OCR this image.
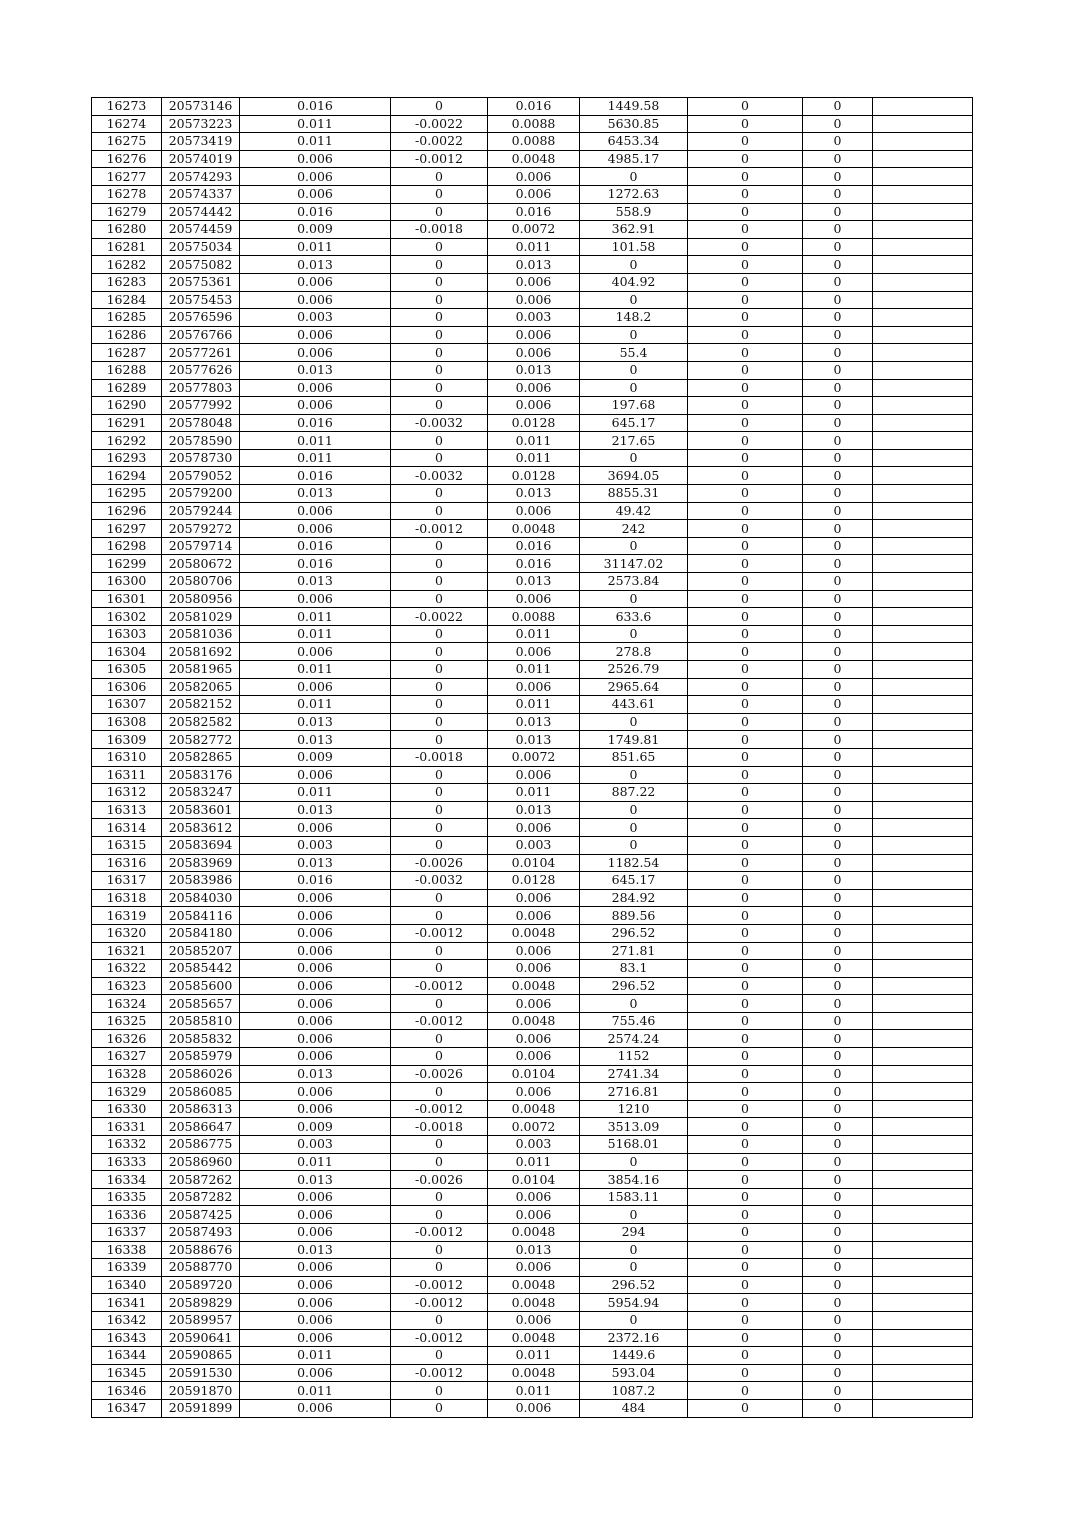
16273	20573146	0.016	0	0.016	1449.58	0	0	
16274	20573223	0.011	-0.0022	0.0088	5630.85	0	0	
16275	20573419	0.011	-0.0022	0.0088	6453.34	0	0	
16276	20574019	0.006	-0.0012	0.0048	4985.17	0	0	
16277	20574293	0.006	0	0.006	0	0	0	
16278	20574337	0.006	0	0.006	1272.63	0	0	
16279	20574442	0.016	0	0.016	558.9	0	0	
16280	20574459	0.009	-0.0018	0.0072	362.91	0	0	
16281	20575034	0.011	0	0.011	101.58	0	0	
16282	20575082	0.013	0	0.013	0	0	0	
16283	20575361	0.006	0	0.006	404.92	0	0	
16284	20575453	0.006	0	0.006	0	0	0	
16285	20576596	0.003	0	0.003	148.2	0	0	
16286	20576766	0.006	0	0.006	0	0	0	
16287	20577261	0.006	0	0.006	55.4	0	0	
16288	20577626	0.013	0	0.013	0	0	0	
16289	20577803	0.006	0	0.006	0	0	0	
16290	20577992	0.006	0	0.006	197.68	0	0	
16291	20578048	0.016	-0.0032	0.0128	645.17	0	0	
16292	20578590	0.011	0	0.011	217.65	0	0	
16293	20578730	0.011	0	0.011	0	0	0	
16294	20579052	0.016	-0.0032	0.0128	3694.05	0	0	
16295	20579200	0.013	0	0.013	8855.31	0	0	
16296	20579244	0.006	0	0.006	49.42	0	0	
16297	20579272	0.006	-0.0012	0.0048	242	0	0	
16298	20579714	0.016	0	0.016	0	0	0	
16299	20580672	0.016	0	0.016	31147.02	0	0	
16300	20580706	0.013	0	0.013	2573.84	0	0	
16301	20580956	0.006	0	0.006	0	0	0	
16302	20581029	0.011	-0.0022	0.0088	633.6	0	0	
16303	20581036	0.011	0	0.011	0	0	0	
16304	20581692	0.006	0	0.006	278.8	0	0	
16305	20581965	0.011	0	0.011	2526.79	0	0	
16306	20582065	0.006	0	0.006	2965.64	0	0	
16307	20582152	0.011	0	0.011	443.61	0	0	
16308	20582582	0.013	0	0.013	0	0	0	
16309	20582772	0.013	0	0.013	1749.81	0	0	
16310	20582865	0.009	-0.0018	0.0072	851.65	0	0	
16311	20583176	0.006	0	0.006	0	0	0	
16312	20583247	0.011	0	0.011	887.22	0	0	
16313	20583601	0.013	0	0.013	0	0	0	
16314	20583612	0.006	0	0.006	0	0	0	
16315	20583694	0.003	0	0.003	0	0	0	
16316	20583969	0.013	-0.0026	0.0104	1182.54	0	0	
16317	20583986	0.016	-0.0032	0.0128	645.17	0	0	
16318	20584030	0.006	0	0.006	284.92	0	0	
16319	20584116	0.006	0	0.006	889.56	0	0	
16320	20584180	0.006	-0.0012	0.0048	296.52	0	0	
16321	20585207	0.006	0	0.006	271.81	0	0	
16322	20585442	0.006	0	0.006	83.1	0	0	
16323	20585600	0.006	-0.0012	0.0048	296.52	0	0	
16324	20585657	0.006	0	0.006	0	0	0	
16325	20585810	0.006	-0.0012	0.0048	755.46	0	0	
16326	20585832	0.006	0	0.006	2574.24	0	0	
16327	20585979	0.006	0	0.006	1152	0	0	
16328	20586026	0.013	-0.0026	0.0104	2741.34	0	0	
16329	20586085	0.006	0	0.006	2716.81	0	0	
16330	20586313	0.006	-0.0012	0.0048	1210	0	0	
16331	20586647	0.009	-0.0018	0.0072	3513.09	0	0	
16332	20586775	0.003	0	0.003	5168.01	0	0	
16333	20586960	0.011	0	0.011	0	0	0	
16334	20587262	0.013	-0.0026	0.0104	3854.16	0	0	
16335	20587282	0.006	0	0.006	1583.11	0	0	
16336	20587425	0.006	0	0.006	0	0	0	
16337	20587493	0.006	-0.0012	0.0048	294	0	0	
16338	20588676	0.013	0	0.013	0	0	0	
16339	20588770	0.006	0	0.006	0	0	0	
16340	20589720	0.006	-0.0012	0.0048	296.52	0	0	
16341	20589829	0.006	-0.0012	0.0048	5954.94	0	0	
16342	20589957	0.006	0	0.006	0	0	0	
16343	20590641	0.006	-0.0012	0.0048	2372.16	0	0	
16344	20590865	0.011	0	0.011	1449.6	0	0	
16345	20591530	0.006	-0.0012	0.0048	593.04	0	0	
16346	20591870	0.011	0	0.011	1087.2	0	0	
16347	20591899	0.006	0	0.006	484	0	0	
